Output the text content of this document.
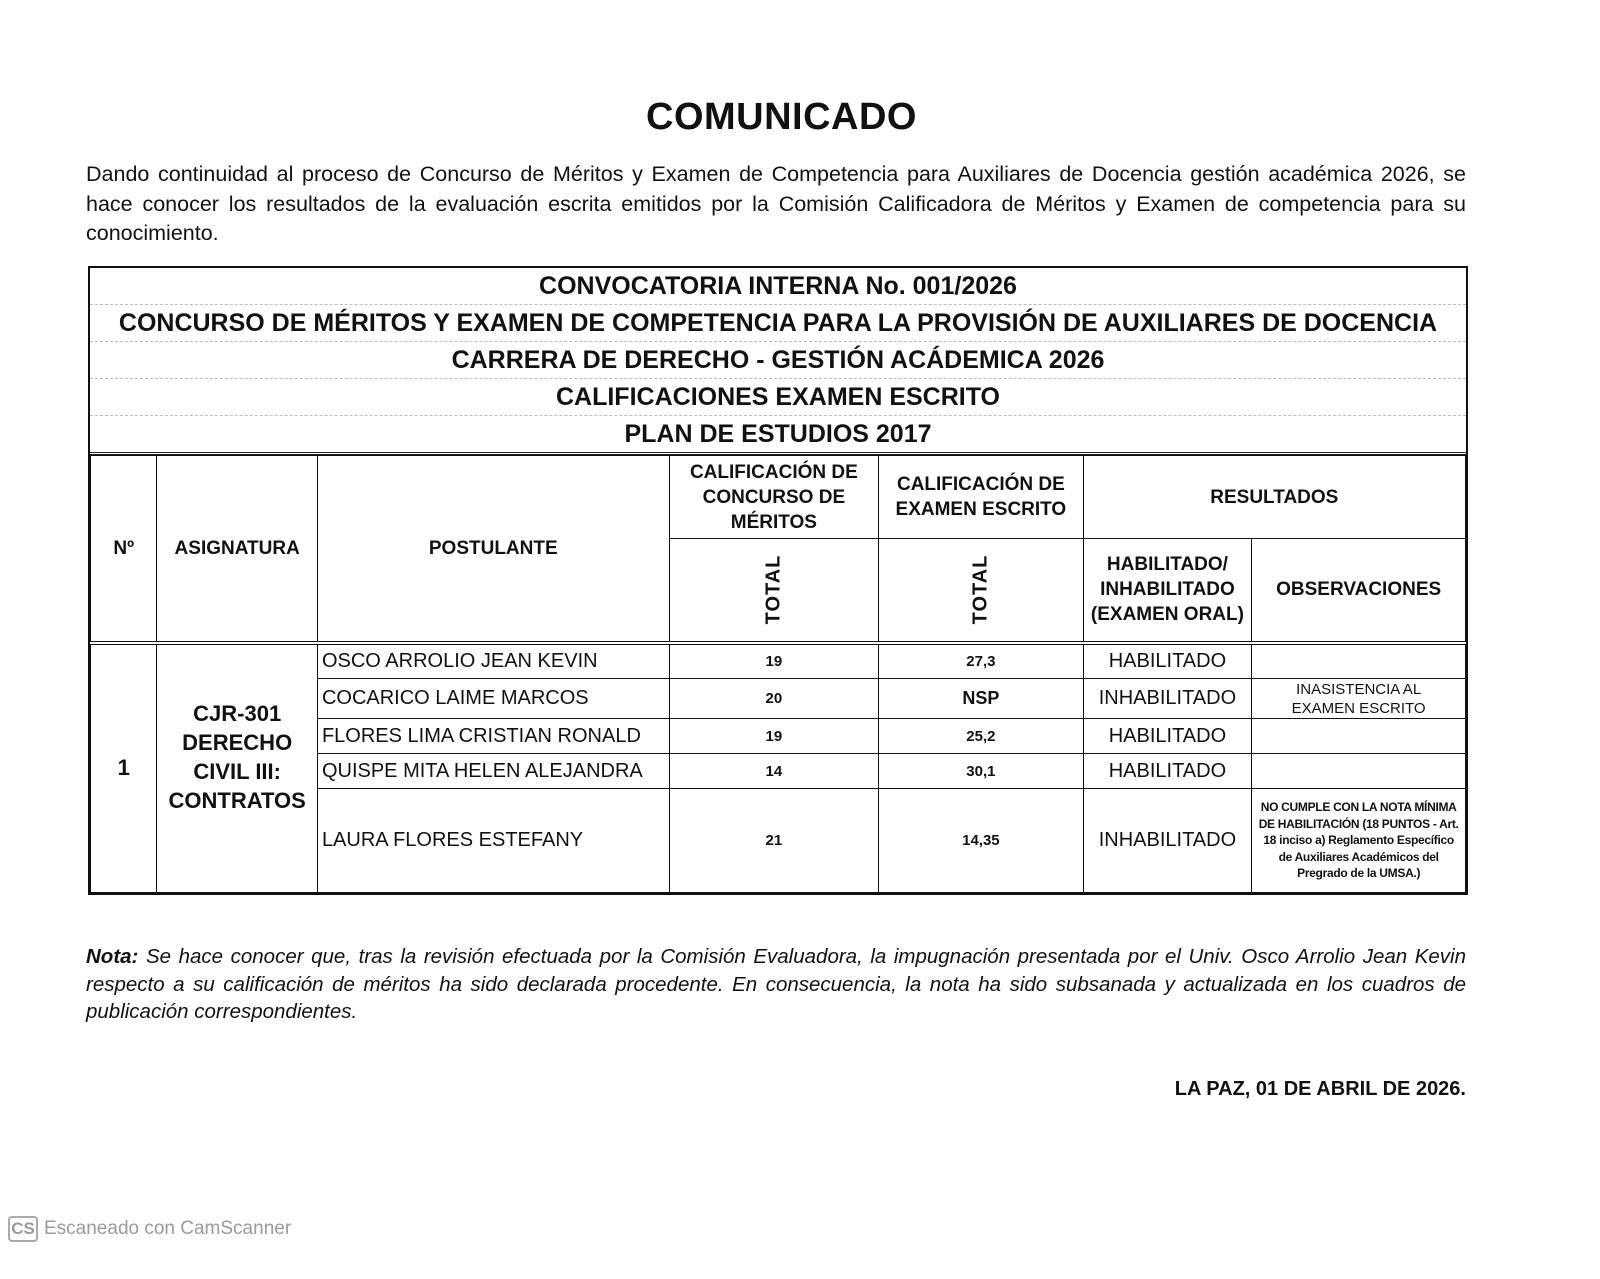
COMUNICADO
Dando continuidad al proceso de Concurso de Méritos y Examen de Competencia para Auxiliares de Docencia gestión académica 2026, se hace conocer los resultados de la evaluación escrita emitidos por la Comisión Calificadora de Méritos y Examen de competencia para su conocimiento.
CONVOCATORIA INTERNA No. 001/2026
CONCURSO DE MÉRITOS Y EXAMEN DE COMPETENCIA PARA LA PROVISIÓN DE AUXILIARES DE DOCENCIA
CARRERA DE DERECHO - GESTIÓN ACÁDEMICA 2026
CALIFICACIONES EXAMEN ESCRITO
PLAN DE ESTUDIOS 2017
Nº	ASIGNATURA	POSTULANTE	CALIFICACIÓN DE CONCURSO DE MÉRITOS	CALIFICACIÓN DE EXAMEN ESCRITO	RESULTADOS	
			TOTAL	TOTAL	HABILITADO/ INHABILITADO (EXAMEN ORAL)	OBSERVACIONES
1	CJR-301 DERECHO CIVIL III: CONTRATOS	OSCO ARROLIO JEAN KEVIN	19	27,3	HABILITADO	
		COCARICO LAIME MARCOS	20	NSP	INHABILITADO	INASISTENCIA AL EXAMEN ESCRITO
		FLORES LIMA CRISTIAN RONALD	19	25,2	HABILITADO	
		QUISPE MITA HELEN ALEJANDRA	14	30,1	HABILITADO	
		LAURA FLORES ESTEFANY	21	14,35	INHABILITADO	NO CUMPLE CON LA NOTA MÍNIMA DE HABILITACIÓN (18 PUNTOS - Art. 18 inciso a) Reglamento Específico de Auxiliares Académicos del Pregrado de la UMSA.)
Nota: Se hace conocer que, tras la revisión efectuada por la Comisión Evaluadora, la impugnación presentada por el Univ. Osco Arrolio Jean Kevin respecto a su calificación de méritos ha sido declarada procedente. En consecuencia, la nota ha sido subsanada y actualizada en los cuadros de publicación correspondientes.
LA PAZ, 01 DE ABRIL DE 2026.
CS Escaneado con CamScanner
